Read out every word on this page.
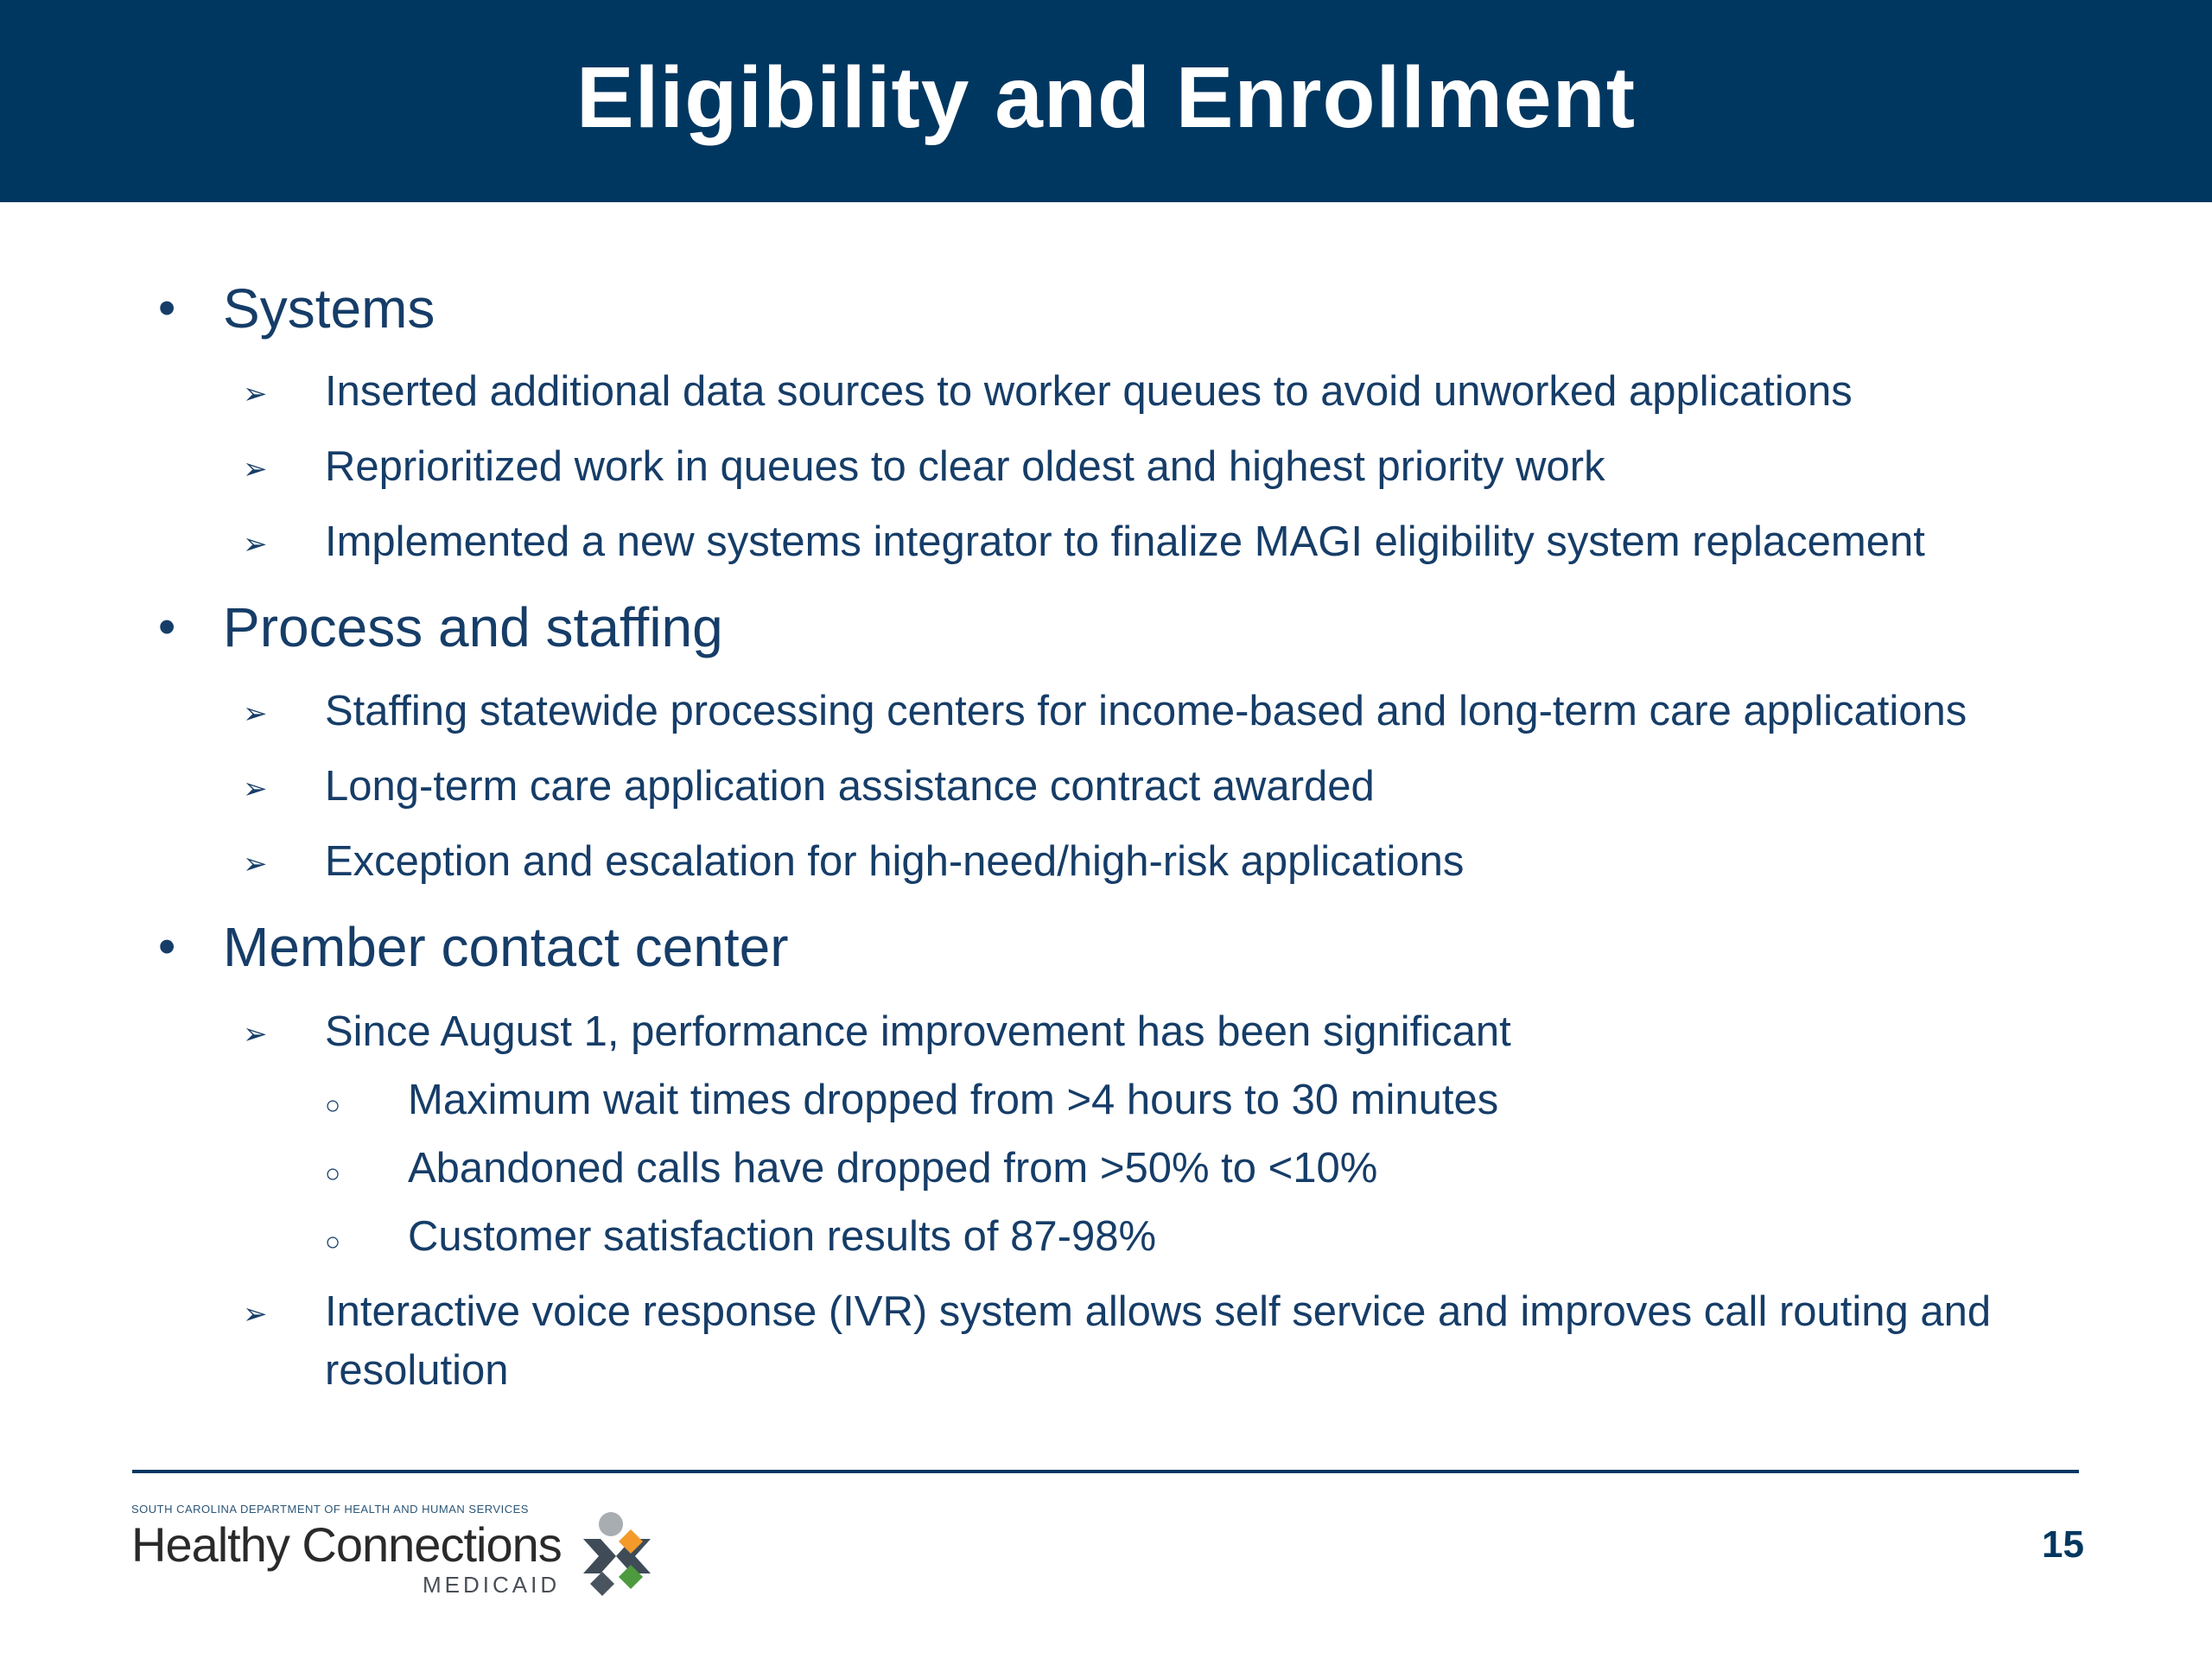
Eligibility and Enrollment
• Systems
➢ Inserted additional data sources to worker queues to avoid unworked applications
➢ Reprioritized work in queues to clear oldest and highest priority work
➢ Implemented a new systems integrator to finalize MAGI eligibility system replacement
• Process and staffing
➢ Staffing statewide processing centers for income-based and long-term care applications
➢ Long-term care application assistance contract awarded
➢ Exception and escalation for high-need/high-risk applications
• Member contact center
➢ Since August 1, performance improvement has been significant
○ Maximum wait times dropped from >4 hours to 30 minutes
○ Abandoned calls have dropped from >50% to <10%
○ Customer satisfaction results of 87-98%
➢ Interactive voice response (IVR) system allows self service and improves call routing and
resolution
SOUTH CAROLINA DEPARTMENT OF HEALTH AND HUMAN SERVICES
Healthy Connections
MEDICAID
15
